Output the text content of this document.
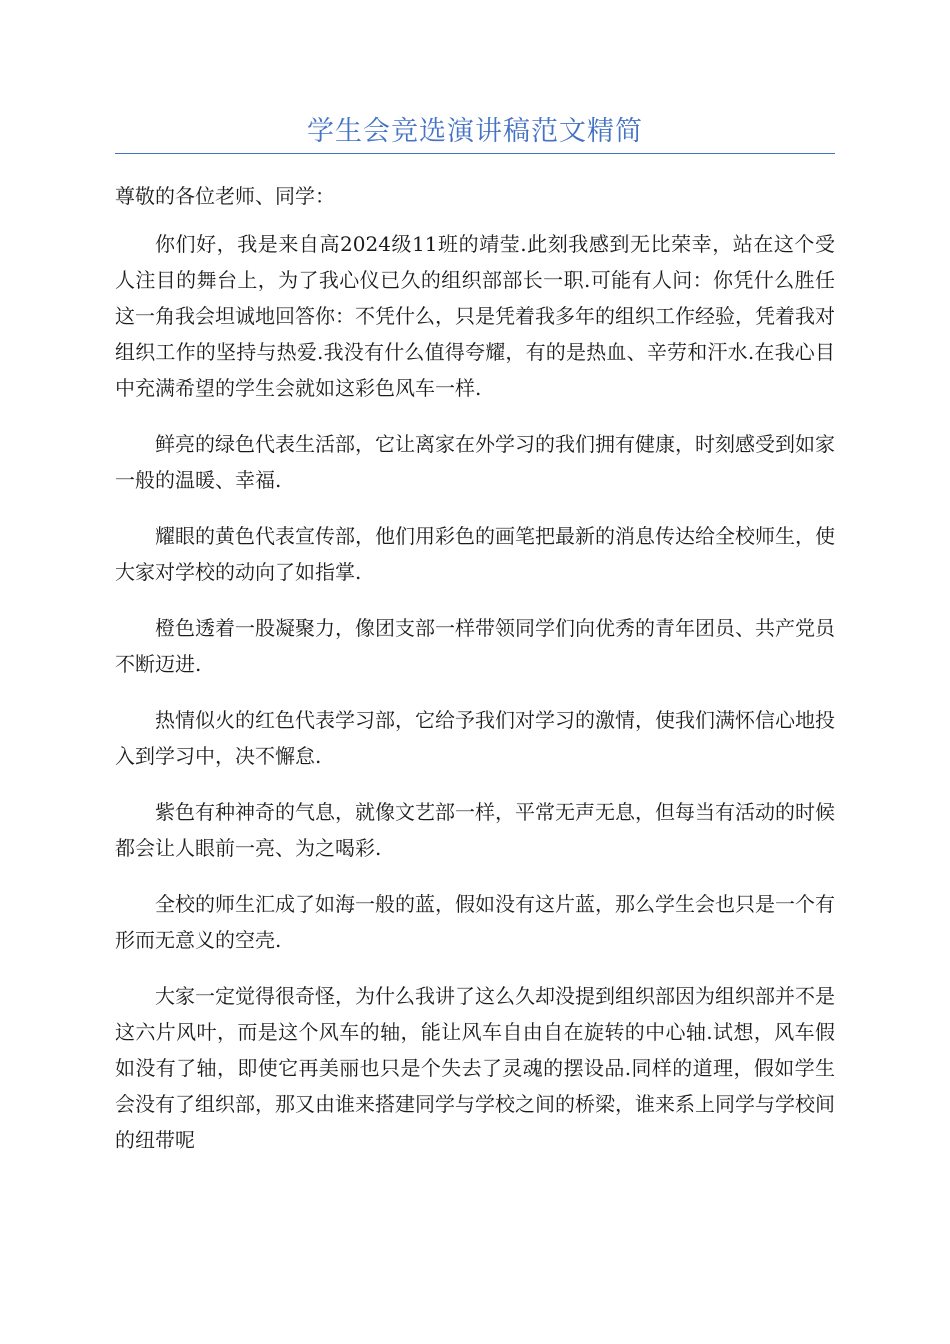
学生会竞选演讲稿范文精简

尊敬的各位老师、同学：

你们好，我是来自高2024级11班的靖莹.此刻我感到无比荣幸，站在这个受人注目的舞台上，为了我心仪已久的组织部部长一职.可能有人问：你凭什么胜任这一角我会坦诚地回答你：不凭什么，只是凭着我多年的组织工作经验，凭着我对组织工作的坚持与热爱.我没有什么值得夸耀，有的是热血、辛劳和汗水.在我心目中充满希望的学生会就如这彩色风车一样.

鲜亮的绿色代表生活部，它让离家在外学习的我们拥有健康，时刻感受到如家一般的温暖、幸福.

耀眼的黄色代表宣传部，他们用彩色的画笔把最新的消息传达给全校师生，使大家对学校的动向了如指掌.

橙色透着一股凝聚力，像团支部一样带领同学们向优秀的青年团员、共产党员不断迈进.

热情似火的红色代表学习部，它给予我们对学习的激情，使我们满怀信心地投入到学习中，决不懈怠.

紫色有种神奇的气息，就像文艺部一样，平常无声无息，但每当有活动的时候都会让人眼前一亮、为之喝彩.

全校的师生汇成了如海一般的蓝，假如没有这片蓝，那么学生会也只是一个有形而无意义的空壳.

大家一定觉得很奇怪，为什么我讲了这么久却没提到组织部因为组织部并不是这六片风叶，而是这个风车的轴，能让风车自由自在旋转的中心轴.试想，风车假如没有了轴，即使它再美丽也只是个失去了灵魂的摆设品.同样的道理，假如学生会没有了组织部，那又由谁来搭建同学与学校之间的桥梁，谁来系上同学与学校间的纽带呢
